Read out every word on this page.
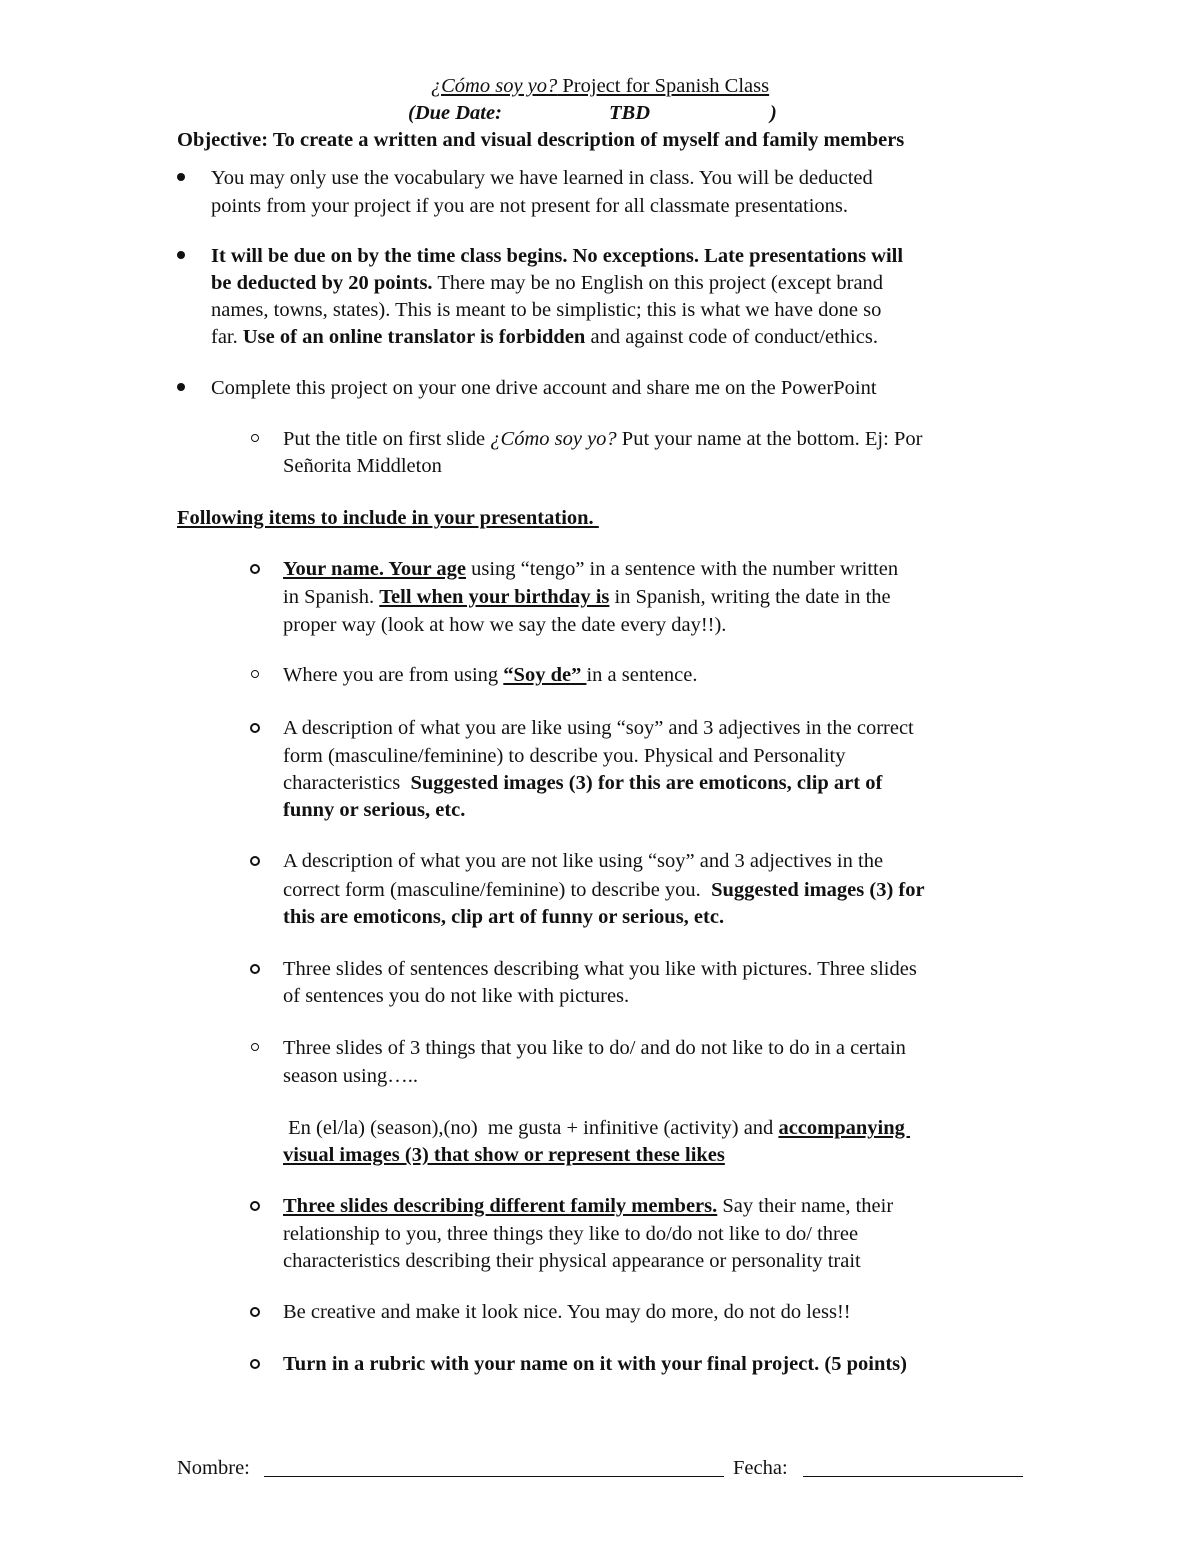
¿Cómo soy yo? Project for Spanish Class
(Due Date:	TBD	)
Objective: To create a written and visual description of myself and family members
You may only use the vocabulary we have learned in class. You will be deducted
points from your project if you are not present for all classmate presentations.
It will be due on by the time class begins. No exceptions. Late presentations will
be deducted by 20 points. There may be no English on this project (except brand
names, towns, states). This is meant to be simplistic; this is what we have done so
far. Use of an online translator is forbidden and against code of conduct/ethics.
Complete this project on your one drive account and share me on the PowerPoint
Put the title on first slide ¿Cómo soy yo? Put your name at the bottom. Ej: Por
Señorita Middleton
Following items to include in your presentation.
Your name. Your age using “tengo” in a sentence with the number written
in Spanish. Tell when your birthday is in Spanish, writing the date in the
proper way (look at how we say the date every day!!).
Where you are from using “Soy de” in a sentence.
A description of what you are like using “soy” and 3 adjectives in the correct
form (masculine/feminine) to describe you. Physical and Personality
characteristics  Suggested images (3) for this are emoticons, clip art of
funny or serious, etc.
A description of what you are not like using “soy” and 3 adjectives in the
correct form (masculine/feminine) to describe you.  Suggested images (3) for
this are emoticons, clip art of funny or serious, etc.
Three slides of sentences describing what you like with pictures. Three slides
of sentences you do not like with pictures.
Three slides of 3 things that you like to do/ and do not like to do in a certain
season using…..
En (el/la) (season),(no)  me gusta + infinitive (activity) and accompanying
visual images (3) that show or represent these likes
Three slides describing different family members. Say their name, their
relationship to you, three things they like to do/do not like to do/ three
characteristics describing their physical appearance or personality trait
Be creative and make it look nice. You may do more, do not do less!!
Turn in a rubric with your name on it with your final project. (5 points)
Nombre:	Fecha:
